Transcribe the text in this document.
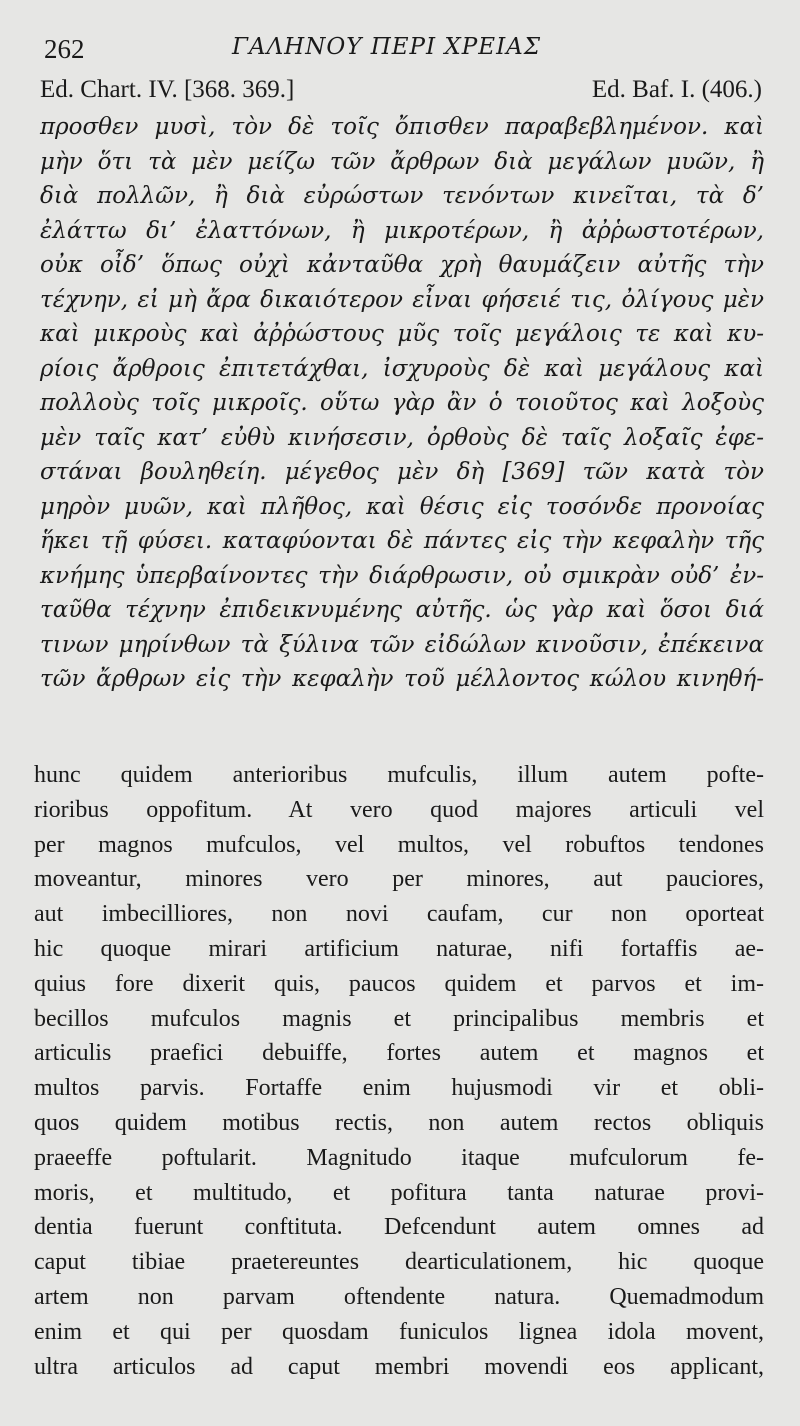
262	ΓΑΛΗΝΟΥ ΠΕΡΙ ΧΡΕΙΑΣ
Ed. Chart. IV. [368. 369.]	Ed. Baf. I. (406.)
προσθεν μυσὶ, τὸν δὲ τοῖς ὄπισθεν παραβεβλημένον. καὶ
μὴν ὅτι τὰ μὲν μείζω τῶν ἄρθρων διὰ μεγάλων μυῶν, ἢ
διὰ πολλῶν, ἢ διὰ εὐρώστων τενόντων κινεῖται, τὰ δ’
ἐλάττω δι’ ἐλαττόνων, ἢ μικροτέρων, ἢ ἀῤῥωστοτέρων,
οὐκ οἶδ’ ὅπως οὐχὶ κἀνταῦθα χρὴ θαυμάζειν αὐτῆς τὴν
τέχνην, εἰ μὴ ἄρα δικαιότερον εἶναι φήσειέ τις, ὀλίγους μὲν
καὶ μικροὺς καὶ ἀῤῥώστους μῦς τοῖς μεγάλοις τε καὶ κυ-
ρίοις ἄρθροις ἐπιτετάχθαι, ἰσχυροὺς δὲ καὶ μεγάλους καὶ
πολλοὺς τοῖς μικροῖς. οὕτω γὰρ ἂν ὁ τοιοῦτος καὶ λοξοὺς
μὲν ταῖς κατ’ εὐθὺ κινήσεσιν, ὀρθοὺς δὲ ταῖς λοξαῖς ἐφε-
στάναι βουληθείη. μέγεθος μὲν δὴ [369] τῶν κατὰ τὸν
μηρὸν μυῶν, καὶ πλῆθος, καὶ θέσις εἰς τοσόνδε προνοίας
ἥκει τῇ φύσει. καταφύονται δὲ πάντες εἰς τὴν κεφαλὴν τῆς
κνήμης ὑπερβαίνοντες τὴν διάρθρωσιν, οὐ σμικρὰν οὐδ’ ἐν-
ταῦθα τέχνην ἐπιδεικνυμένης αὐτῆς. ὡς γὰρ καὶ ὅσοι διά
τινων μηρίνθων τὰ ξύλινα τῶν εἰδώλων κινοῦσιν, ἐπέκεινα
τῶν ἄρθρων εἰς τὴν κεφαλὴν τοῦ μέλλοντος κώλου κινηθή-
hunc quidem anterioribus mufculis, illum autem pofte-
rioribus oppofitum. At vero quod majores articuli vel
per magnos mufculos, vel multos, vel robuftos tendones
moveantur, minores vero per minores, aut pauciores,
aut imbecilliores, non novi caufam, cur non oporteat
hic quoque mirari artificium naturae, nifi fortaffis ae-
quius fore dixerit quis, paucos quidem et parvos et im-
becillos mufculos magnis et principalibus membris et
articulis praefici debuiffe, fortes autem et magnos et
multos parvis. Fortaffe enim hujusmodi vir et obli-
quos quidem motibus rectis, non autem rectos obliquis
praeeffe poftularit. Magnitudo itaque mufculorum fe-
moris, et multitudo, et pofitura tanta naturae provi-
dentia fuerunt conftituta. Defcendunt autem omnes ad
caput tibiae praetereuntes dearticulationem, hic quoque
artem non parvam oftendente natura. Quemadmodum
enim et qui per quosdam funiculos lignea idola movent,
ultra articulos ad caput membri movendi eos applicant,
